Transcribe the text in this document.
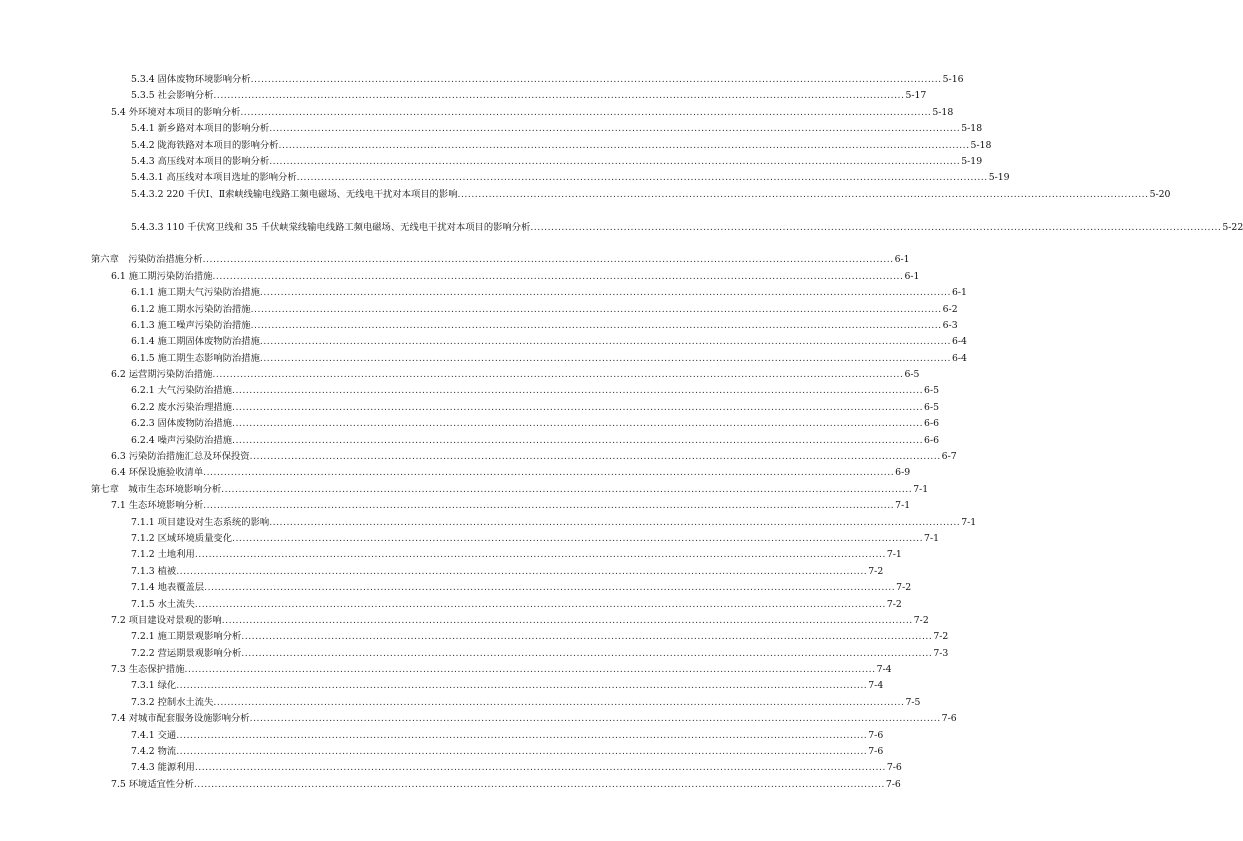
5.3.4 固体废物环境影响分析 .....	5-16
5.3.5 社会影响分析 .....	5-17
5.4 外环境对本项目的影响分析 .....	5-18
5.4.1 新乡路对本项目的影响分析 .....	5-18
5.4.2 陇海铁路对本项目的影响分析 .....	5-18
5.4.3 高压线对本项目的影响分析 .....	5-19
5.4.3.1 高压线对本项目选址的影响分析 .....	5-19
5.4.3.2 220 千伏Ⅰ、Ⅱ索峡线输电线路工频电磁场、无线电干扰对本项目的影 响 .....	5-20
5.4.3.3 110 千伏窝卫线和 35 千伏峡棠线输电线路工频电磁场、无线电干扰对本 项目的影响分析 .....	5-22
第六章　污染防治措施分析 .....	6-1
6.1 施工期污染防治措施 .....	6-1
6.1.1 施工期大气污染防治措施 .....	6-1
6.1.2 施工期水污染防治措施 .....	6-2
6.1.3 施工噪声污染防治措施 .....	6-3
6.1.4 施工期固体废物防治措施 .....	6-4
6.1.5 施工期生态影响防治措施 .....	6-4
6.2 运营期污染防治措施 .....	6-5
6.2.1 大气污染防治措施 .....	6-5
6.2.2 废水污染治理措施 .....	6-5
6.2.3 固体废物防治措施 .....	6-6
6.2.4 噪声污染防治措施 .....	6-6
6.3 污染防治措施汇总及环保投资 .....	6-7
6.4 环保设施验收清单 .....	6-9
第七章　城市生态环境影响分析 .....	7-1
7.1 生态环境影响分析 .....	7-1
7.1.1 项目建设对生态系统的影响 .....	7-1
7.1.2 区域环境质量变化 .....	7-1
7.1.2 土地利用 .....	7-1
7.1.3 植被 .....	7-2
7.1.4 地表覆盖层 .....	7-2
7.1.5 水土流失 .....	7-2
7.2 项目建设对景观的影响 .....	7-2
7.2.1 施工期景观影响分析 .....	7-2
7.2.2 营运期景观影响分析 .....	7-3
7.3 生态保护措施 .....	7-4
7.3.1 绿化 .....	7-4
7.3.2 控制水土流失 .....	7-5
7.4 对城市配套服务设施影响分析 .....	7-6
7.4.1 交通 .....	7-6
7.4.2 物流 .....	7-6
7.4.3 能源利用 .....	7-6
7.5 环境适宜性分析 .....	7-6
